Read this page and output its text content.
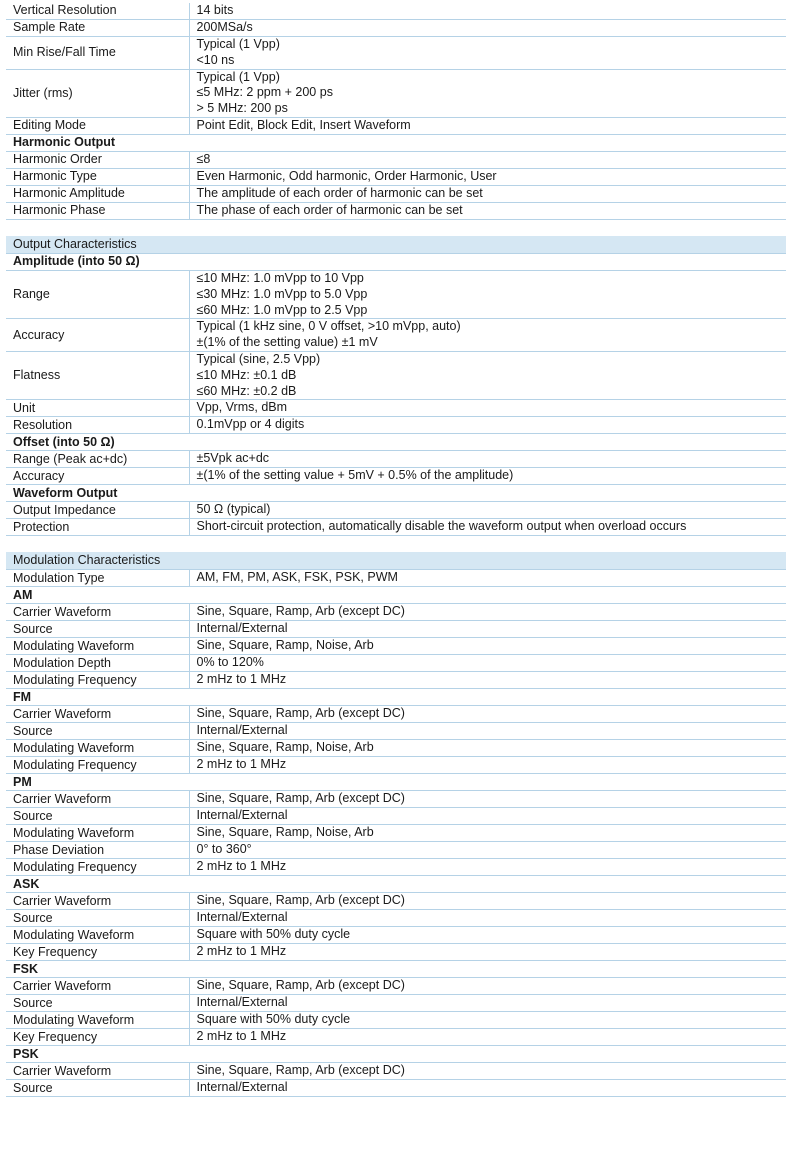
Vertical Resolution	14 bits

Sample Rate	200MSa/s

Min Rise/Fall Time	Typical (1 Vpp)
<10 ns

Jitter (rms)	Typical (1 Vpp)
≤5 MHz: 2 ppm + 200 ps
> 5 MHz: 200 ps

Editing Mode	Point Edit, Block Edit, Insert Waveform

Harmonic Output	
Harmonic Order	≤8

Harmonic Type	Even Harmonic, Odd harmonic, Order Harmonic, User

Harmonic Amplitude	The amplitude of each order of harmonic can be set

Harmonic Phase	The phase of each order of harmonic can be set

Output Characteristics	
Amplitude (into 50 Ω)	
Range	≤10 MHz: 1.0 mVpp to 10 Vpp
≤30 MHz: 1.0 mVpp to 5.0 Vpp
≤60 MHz: 1.0 mVpp to 2.5 Vpp

Accuracy	Typical (1 kHz sine, 0 V offset, >10 mVpp, auto)
±(1% of the setting value) ±1 mV

Flatness	Typical (sine, 2.5 Vpp)
≤10 MHz: ±0.1 dB
≤60 MHz: ±0.2 dB

Unit	Vpp, Vrms, dBm

Resolution	0.1mVpp or 4 digits

Offset (into 50 Ω)	
Range (Peak ac+dc)	±5Vpk ac+dc

Accuracy	±(1% of the setting value + 5mV + 0.5% of the amplitude)

Waveform Output	
Output Impedance	50 Ω (typical)

Protection	Short-circuit protection, automatically disable the waveform output when overload occurs

Modulation Characteristics	
Modulation Type	AM, FM, PM, ASK, FSK, PSK, PWM

AM	
Carrier Waveform	Sine, Square, Ramp, Arb (except DC)

Source	Internal/External

Modulating Waveform	Sine, Square, Ramp, Noise, Arb

Modulation Depth	0% to 120%

Modulating Frequency	2 mHz to 1 MHz

FM	
Carrier Waveform	Sine, Square, Ramp, Arb (except DC)

Source	Internal/External

Modulating Waveform	Sine, Square, Ramp, Noise, Arb

Modulating Frequency	2 mHz to 1 MHz

PM	
Carrier Waveform	Sine, Square, Ramp, Arb (except DC)

Source	Internal/External

Modulating Waveform	Sine, Square, Ramp, Noise, Arb

Phase Deviation	0° to 360°

Modulating Frequency	2 mHz to 1 MHz

ASK	
Carrier Waveform	Sine, Square, Ramp, Arb (except DC)

Source	Internal/External

Modulating Waveform	Square with 50% duty cycle

Key Frequency	2 mHz to 1 MHz

FSK	
Carrier Waveform	Sine, Square, Ramp, Arb (except DC)

Source	Internal/External

Modulating Waveform	Square with 50% duty cycle

Key Frequency	2 mHz to 1 MHz

PSK	
Carrier Waveform	Sine, Square, Ramp, Arb (except DC)

Source	Internal/External
